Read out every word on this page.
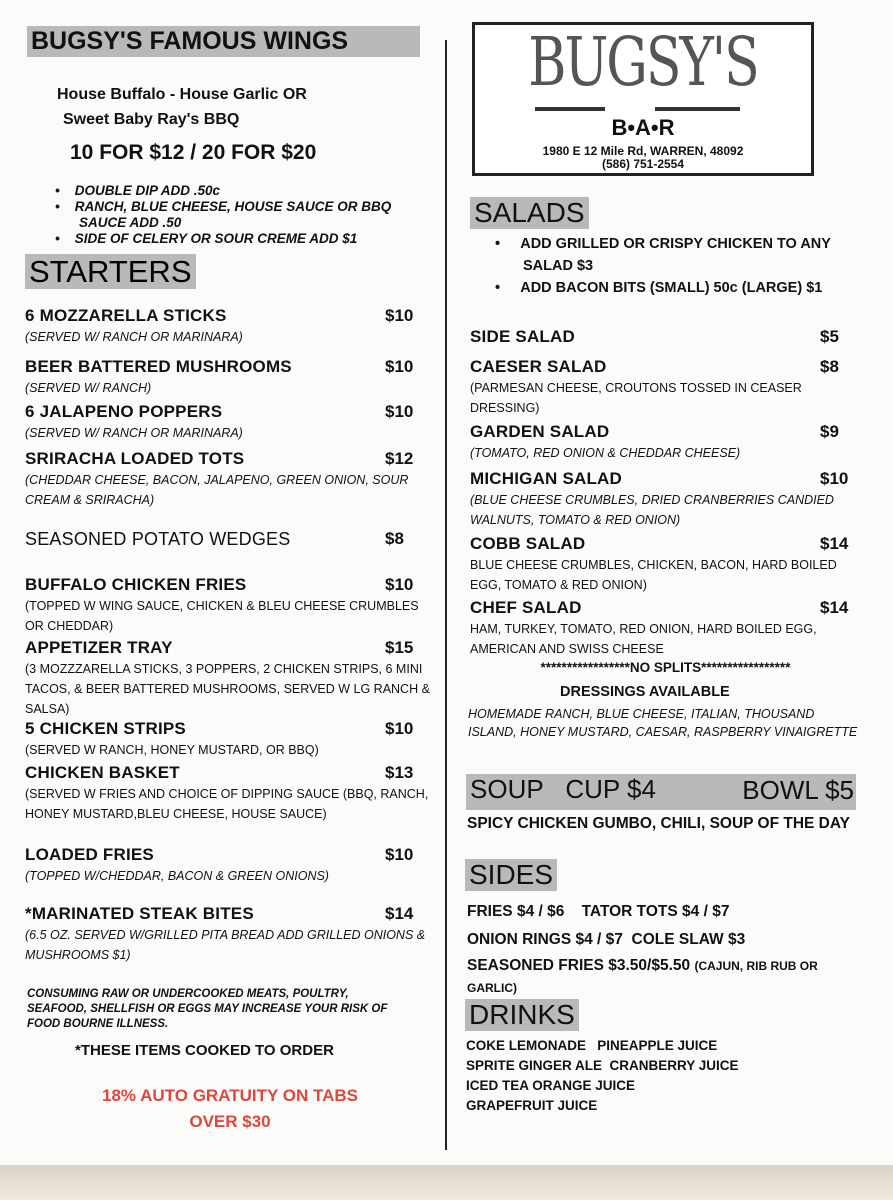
BUGSY'S FAMOUS WINGS
House Buffalo - House Garlic OR
Sweet Baby Ray's BBQ
10 FOR $12 / 20 FOR $20
•    DOUBLE DIP ADD .50c
•    RANCH, BLUE CHEESE, HOUSE SAUCE OR BBQ SAUCE ADD .50
•    SIDE OF CELERY OR SOUR CREME ADD $1
STARTERS
6 MOZZARELLA STICKS	$10
(SERVED W/ RANCH OR MARINARA)
BEER BATTERED MUSHROOMS	$10
(SERVED W/ RANCH)
6 JALAPENO POPPERS	$10
(SERVED W/ RANCH OR MARINARA)
SRIRACHA LOADED TOTS	$12
(CHEDDAR CHEESE, BACON, JALAPENO, GREEN ONION, SOUR CREAM & SRIRACHA)
SEASONED POTATO WEDGES	$8
BUFFALO CHICKEN FRIES	$10
(TOPPED W WING SAUCE, CHICKEN & BLEU CHEESE CRUMBLES OR CHEDDAR)
APPETIZER TRAY	$15
(3 MOZZZARELLA STICKS, 3 POPPERS, 2 CHICKEN STRIPS, 6 MINI TACOS, & BEER BATTERED MUSHROOMS, SERVED W LG RANCH & SALSA)
5 CHICKEN STRIPS	$10
(SERVED W RANCH, HONEY MUSTARD, OR BBQ)
CHICKEN BASKET	$13
(SERVED W FRIES AND CHOICE OF DIPPING SAUCE (BBQ, RANCH, HONEY MUSTARD,BLEU CHEESE, HOUSE SAUCE)
LOADED FRIES	$10
(TOPPED W/CHEDDAR, BACON & GREEN ONIONS)
*MARINATED STEAK BITES	$14
(6.5 OZ. SERVED W/GRILLED PITA BREAD ADD GRILLED ONIONS & MUSHROOMS $1)
CONSUMING RAW OR UNDERCOOKED MEATS, POULTRY, SEAFOOD, SHELLFISH OR EGGS MAY INCREASE YOUR RISK OF FOOD BOURNE ILLNESS.
*THESE ITEMS COOKED TO ORDER
18% AUTO GRATUITY ON TABS OVER $30
BUGSY'S
B•A•R
1980 E 12 Mile Rd, WARREN, 48092
(586) 751-2554
SALADS
•     ADD GRILLED OR CRISPY CHICKEN TO ANY SALAD $3
•     ADD BACON BITS (SMALL) 50c (LARGE) $1
SIDE SALAD	$5
CAESER SALAD	$8
(PARMESAN CHEESE, CROUTONS TOSSED IN CEASER DRESSING)
GARDEN SALAD	$9
(TOMATO, RED ONION & CHEDDAR CHEESE)
MICHIGAN SALAD	$10
(BLUE CHEESE CRUMBLES, DRIED CRANBERRIES CANDIED WALNUTS, TOMATO & RED ONION)
COBB SALAD	$14
BLUE CHEESE CRUMBLES, CHICKEN, BACON, HARD BOILED EGG, TOMATO & RED ONION)
CHEF SALAD	$14
HAM, TURKEY, TOMATO, RED ONION, HARD BOILED EGG, AMERICAN AND SWISS CHEESE
*****************NO SPLITS*****************
DRESSINGS AVAILABLE
HOMEMADE RANCH, BLUE CHEESE, ITALIAN, THOUSAND ISLAND, HONEY MUSTARD, CAESAR, RASPBERRY VINAIGRETTE
SOUP CUP $4	BOWL $5
SPICY CHICKEN GUMBO, CHILI, SOUP OF THE DAY
SIDES
FRIES $4 / $6    TATOR TOTS $4 / $7
ONION RINGS $4 / $7  COLE SLAW $3
SEASONED FRIES $3.50/$5.50 (CAJUN, RIB RUB OR GARLIC)
DRINKS
COKE LEMONADE   PINEAPPLE JUICE
SPRITE GINGER ALE  CRANBERRY JUICE
ICED TEA ORANGE JUICE
GRAPEFRUIT JUICE
